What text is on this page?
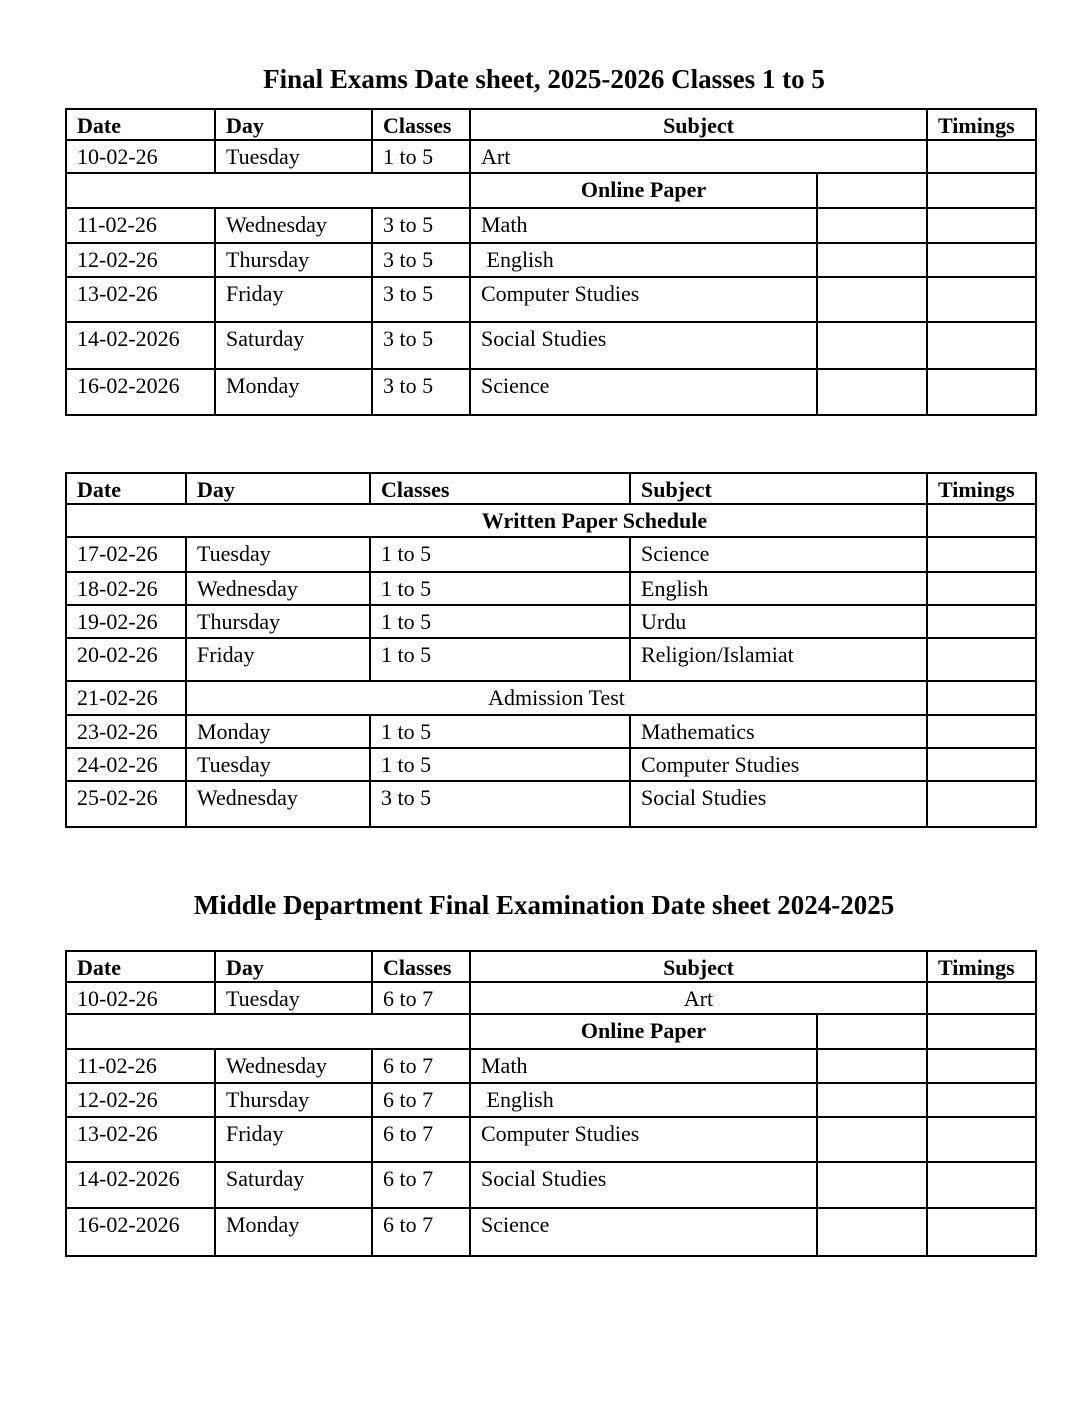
Final Exams Date sheet, 2025-2026 Classes 1 to 5
Date	Day	Classes	Subject		Timings
10-02-26	Tuesday	1 to 5	Art		
			Online Paper		
11-02-26	Wednesday	3 to 5	Math		
12-02-26	Thursday	3 to 5	English		
13-02-26	Friday	3 to 5	Computer Studies		
14-02-2026	Saturday	3 to 5	Social Studies		
16-02-2026	Monday	3 to 5	Science		
Date	Day	Classes	Subject	Timings
Written Paper Schedule				
17-02-26	Tuesday	1 to 5	Science	
18-02-26	Wednesday	1 to 5	English	
19-02-26	Thursday	1 to 5	Urdu	
20-02-26	Friday	1 to 5	Religion/Islamiat	
21-02-26	Admission Test			
23-02-26	Monday	1 to 5	Mathematics	
24-02-26	Tuesday	1 to 5	Computer Studies	
25-02-26	Wednesday	3 to 5	Social Studies	
Middle Department Final Examination Date sheet 2024-2025
Date	Day	Classes	Subject		Timings
10-02-26	Tuesday	6 to 7	Art		
			Online Paper		
11-02-26	Wednesday	6 to 7	Math		
12-02-26	Thursday	6 to 7	English		
13-02-26	Friday	6 to 7	Computer Studies		
14-02-2026	Saturday	6 to 7	Social Studies		
16-02-2026	Monday	6 to 7	Science		
